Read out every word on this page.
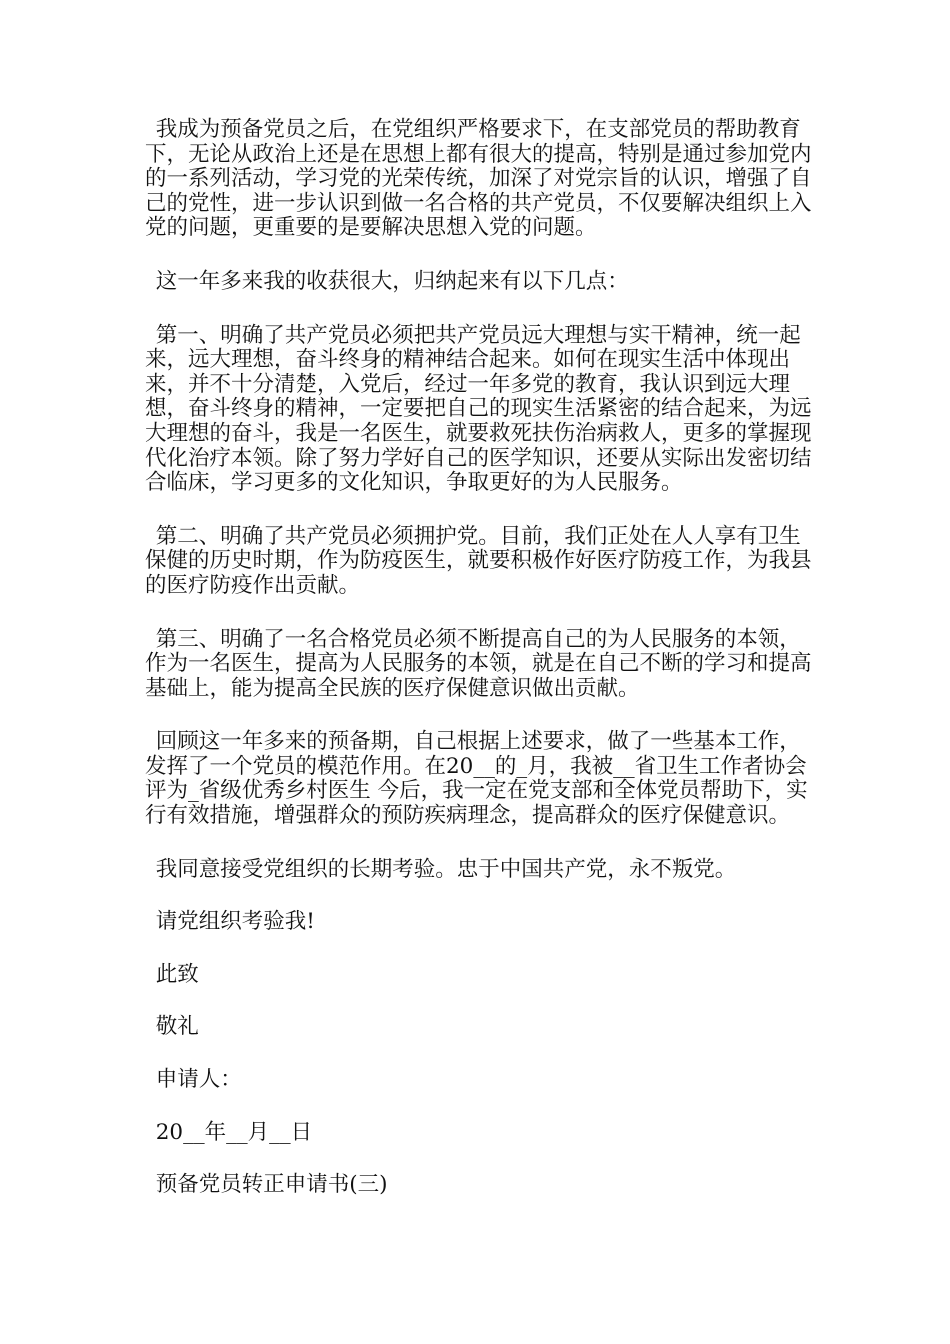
我成为预备党员之后，在党组织严格要求下，在支部党员的帮助教育下，无论从政治上还是在思想上都有很大的提高，特别是通过参加党内的一系列活动，学习党的光荣传统，加深了对党宗旨的认识，增强了自己的党性，进一步认识到做一名合格的共产党员，不仅要解决组织上入党的问题，更重要的是要解决思想入党的问题。

这一年多来我的收获很大，归纳起来有以下几点：

第一、明确了共产党员必须把共产党员远大理想与实干精神，统一起来，远大理想，奋斗终身的精神结合起来。如何在现实生活中体现出来，并不十分清楚，入党后，经过一年多党的教育，我认识到远大理想，奋斗终身的精神，一定要把自己的现实生活紧密的结合起来，为远大理想的奋斗，我是一名医生，就要救死扶伤治病救人，更多的掌握现代化治疗本领。除了努力学好自己的医学知识，还要从实际出发密切结合临床，学习更多的文化知识，争取更好的为人民服务。

第二、明确了共产党员必须拥护党。目前，我们正处在人人享有卫生保健的历史时期，作为防疫医生，就要积极作好医疗防疫工作，为我县的医疗防疫作出贡献。

第三、明确了一名合格党员必须不断提高自己的为人民服务的本领，作为一名医生，提高为人民服务的本领，就是在自己不断的学习和提高基础上，能为提高全民族的医疗保健意识做出贡献。

回顾这一年多来的预备期，自己根据上述要求，做了一些基本工作，发挥了一个党员的模范作用。在20__的_月，我被__省卫生工作者协会评为_省级优秀乡村医生 今后，我一定在党支部和全体党员帮助下，实行有效措施，增强群众的预防疾病理念，提高群众的医疗保健意识。

我同意接受党组织的长期考验。忠于中国共产党，永不叛党。

请党组织考验我!

此致

敬礼

申请人：

20__年__月__日

预备党员转正申请书(三)
